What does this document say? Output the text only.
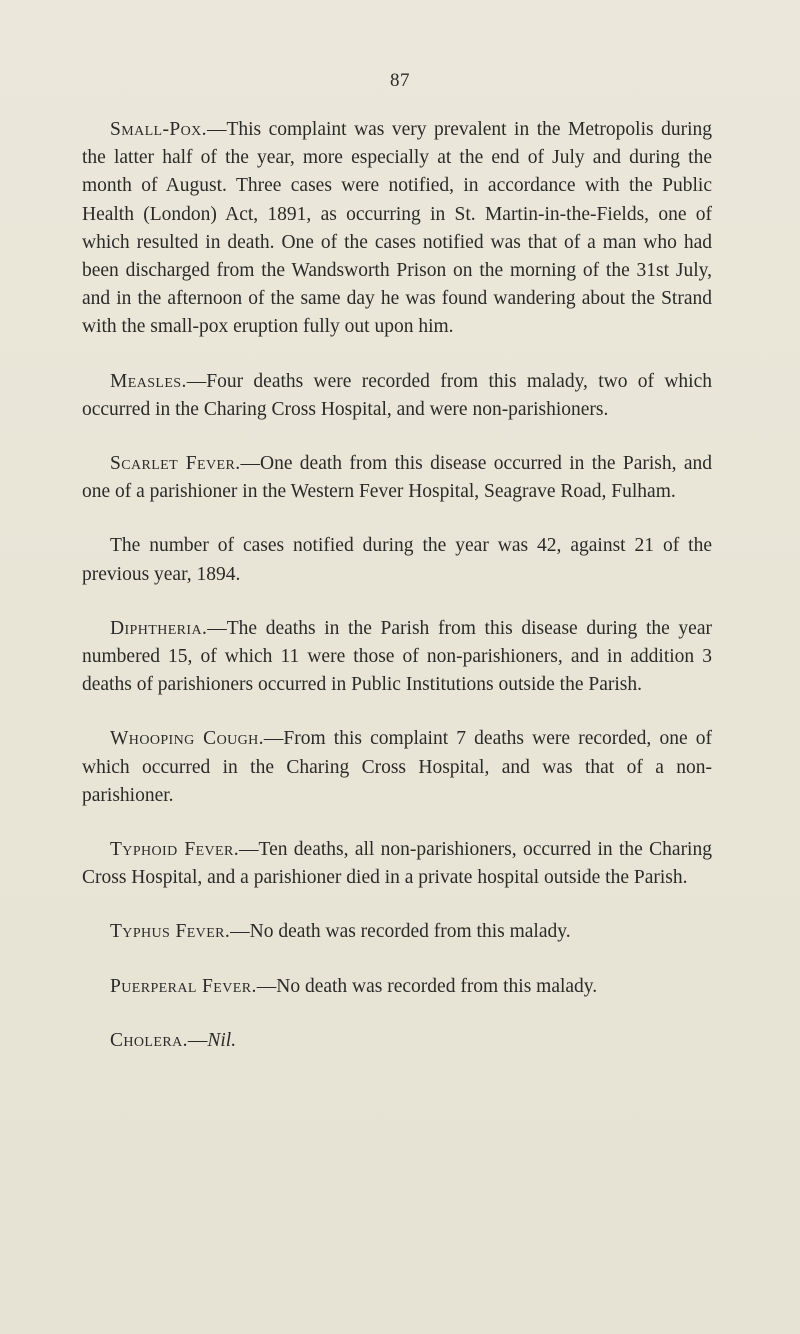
87

Small-Pox.—This complaint was very prevalent in the Metropolis during the latter half of the year, more especially at the end of July and during the month of August. Three cases were notified, in accordance with the Public Health (London) Act, 1891, as occurring in St. Martin-in-the-Fields, one of which resulted in death. One of the cases notified was that of a man who had been discharged from the Wandsworth Prison on the morning of the 31st July, and in the afternoon of the same day he was found wandering about the Strand with the small-pox eruption fully out upon him.

Measles.—Four deaths were recorded from this malady, two of which occurred in the Charing Cross Hospital, and were non-parishioners.

Scarlet Fever.—One death from this disease occurred in the Parish, and one of a parishioner in the Western Fever Hospital, Seagrave Road, Fulham.

The number of cases notified during the year was 42, against 21 of the previous year, 1894.

Diphtheria.—The deaths in the Parish from this disease during the year numbered 15, of which 11 were those of non-parishioners, and in addition 3 deaths of parishioners occurred in Public Institutions outside the Parish.

Whooping Cough.—From this complaint 7 deaths were recorded, one of which occurred in the Charing Cross Hospital, and was that of a non-parishioner.

Typhoid Fever.—Ten deaths, all non-parishioners, occurred in the Charing Cross Hospital, and a parishioner died in a private hospital outside the Parish.

Typhus Fever.—No death was recorded from this malady.

Puerperal Fever.—No death was recorded from this malady.

Cholera.—Nil.
